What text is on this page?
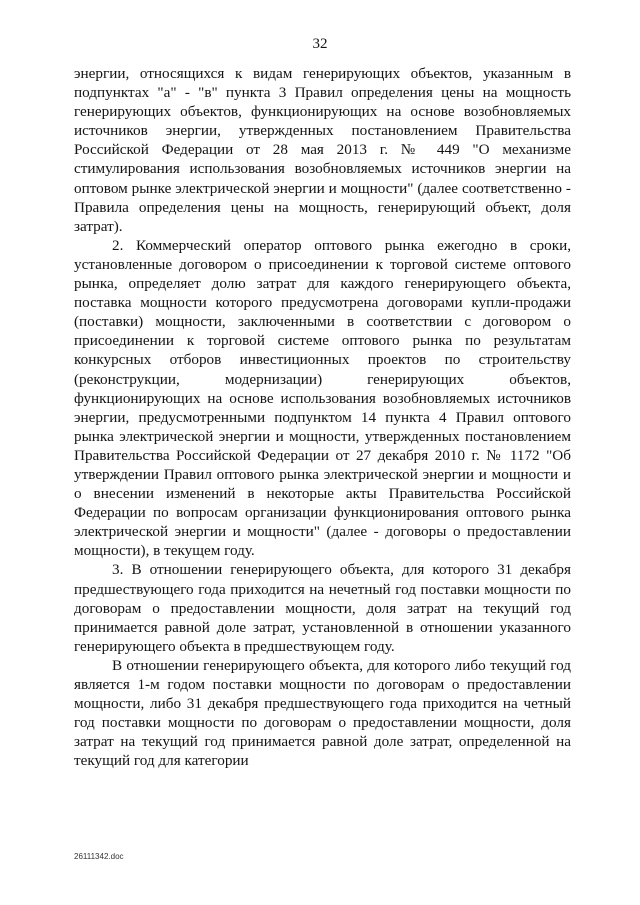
32

энергии, относящихся к видам генерирующих объектов, указанным в подпунктах "а" - "в" пункта 3 Правил определения цены на мощность генерирующих объектов, функционирующих на основе возобновляемых источников энергии, утвержденных постановлением Правительства Российской Федерации от 28 мая 2013 г. № 449 "О механизме стимулирования использования возобновляемых источников энергии на оптовом рынке электрической энергии и мощности" (далее соответственно - Правила определения цены на мощность, генерирующий объект, доля затрат).

2. Коммерческий оператор оптового рынка ежегодно в сроки, установленные договором о присоединении к торговой системе оптового рынка, определяет долю затрат для каждого генерирующего объекта, поставка мощности которого предусмотрена договорами купли-продажи (поставки) мощности, заключенными в соответствии с договором о присоединении к торговой системе оптового рынка по результатам конкурсных отборов инвестиционных проектов по строительству (реконструкции, модернизации) генерирующих объектов, функционирующих на основе использования возобновляемых источников энергии, предусмотренными подпунктом 14 пункта 4 Правил оптового рынка электрической энергии и мощности, утвержденных постановлением Правительства Российской Федерации от 27 декабря 2010 г. № 1172 "Об утверждении Правил оптового рынка электрической энергии и мощности и о внесении изменений в некоторые акты Правительства Российской Федерации по вопросам организации функционирования оптового рынка электрической энергии и мощности" (далее - договоры о предоставлении мощности), в текущем году.

3. В отношении генерирующего объекта, для которого 31 декабря предшествующего года приходится на нечетный год поставки мощности по договорам о предоставлении мощности, доля затрат на текущий год принимается равной доле затрат, установленной в отношении указанного генерирующего объекта в предшествующем году.

В отношении генерирующего объекта, для которого либо текущий год является 1-м годом поставки мощности по договорам о предоставлении мощности, либо 31 декабря предшествующего года приходится на четный год поставки мощности по договорам о предоставлении мощности, доля затрат на текущий год принимается равной доле затрат, определенной на текущий год для категории

26111342.doc
